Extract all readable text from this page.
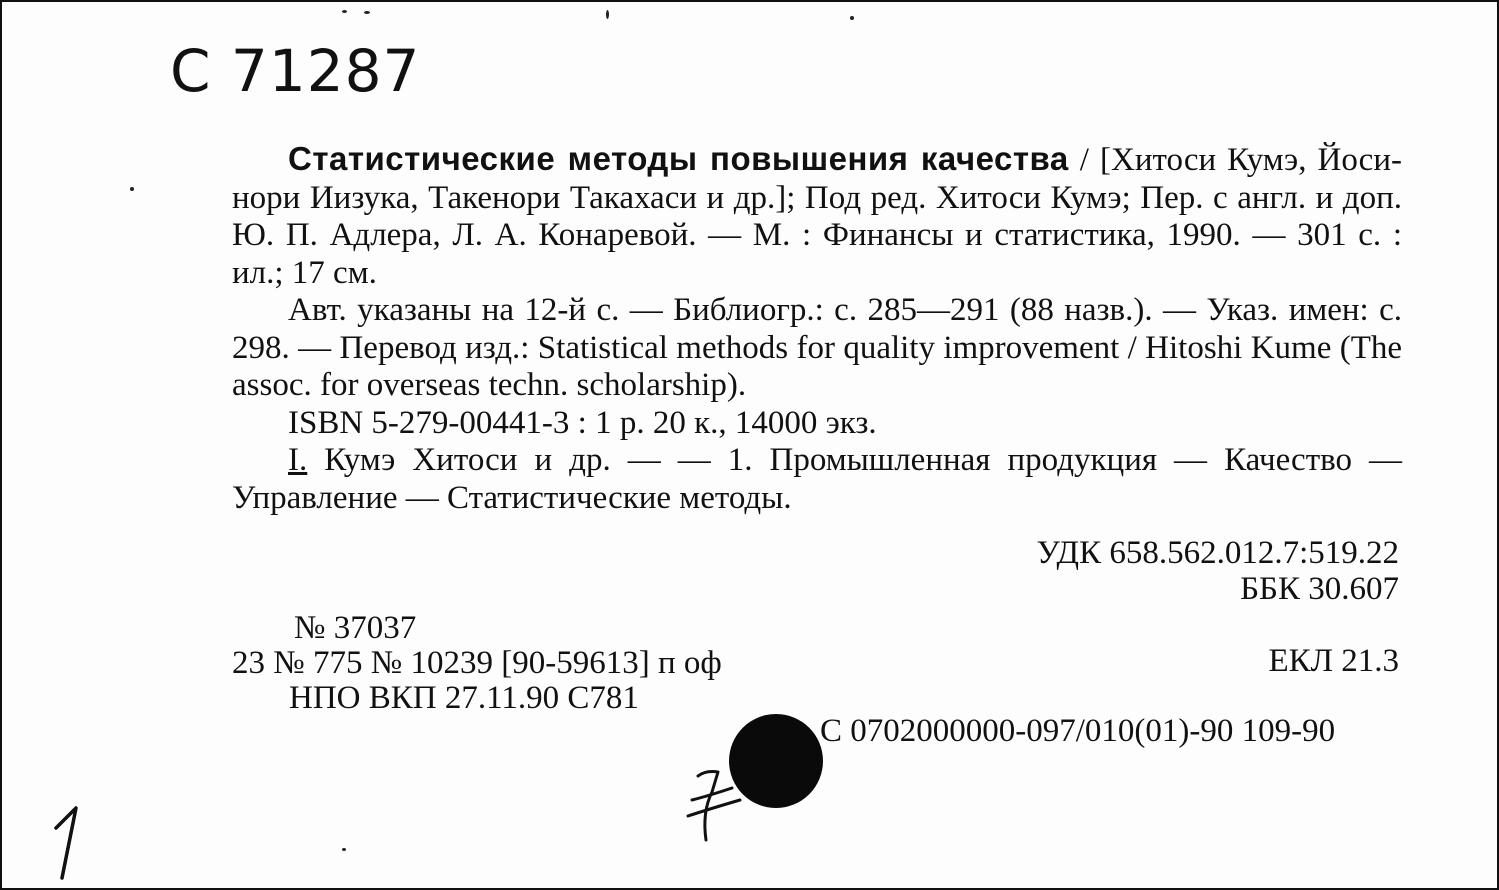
С 71287

Статистические методы повышения качества / [Хитоси Кумэ, Йоси-нори Иизука, Такенори Такахаси и др.]; Под ред. Хитоси Кумэ; Пер. с англ. и доп. Ю. П. Адлера, Л. А. Конаревой. — М. : Финансы и статистика, 1990. — 301 с. : ил.; 17 см.

Авт. указаны на 12-й с. — Библиогр.: с. 285—291 (88 назв.). — Указ. имен: с. 298. — Перевод изд.: Statistical methods for quality improvement / Hitoshi Kume (The assoc. for overseas techn. scholarship).

ISBN 5-279-00441-3 : 1 р. 20 к., 14000 экз.

I. Кумэ Хитоси и др. — — 1. Промышленная продукция — Качество — Управление — Статистические методы.

УДК 658.562.012.7:519.22
ББК 30.607
№ 37037
23 № 775 № 10239 [90-59613] п оф
НПО ВКП 27.11.90 С781
ЕКЛ 21.3
С 0702000000-097/010(01)-90 109-90
